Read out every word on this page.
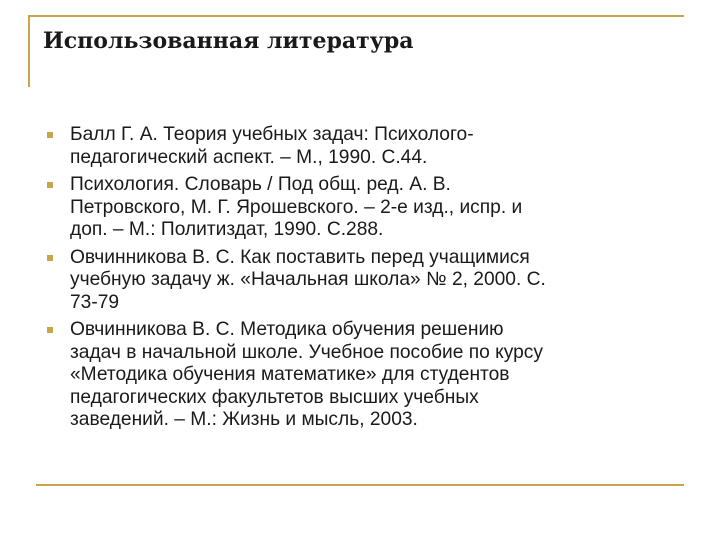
Использованная литература
Балл Г. А. Теория учебных задач: Психолого-
педагогический аспект. – М., 1990. С.44.
Психология. Словарь / Под общ. ред. А. В.
Петровского, М. Г. Ярошевского. – 2-е изд., испр. и
доп. – М.: Политиздат, 1990. С.288.
Овчинникова В. С. Как поставить перед учащимися
учебную задачу ж. «Начальная школа» № 2, 2000. С.
73-79
Овчинникова В. С. Методика обучения решению
задач в начальной школе. Учебное пособие по курсу
«Методика обучения математике» для студентов
педагогических факультетов высших учебных
заведений. – М.: Жизнь и мысль, 2003.
